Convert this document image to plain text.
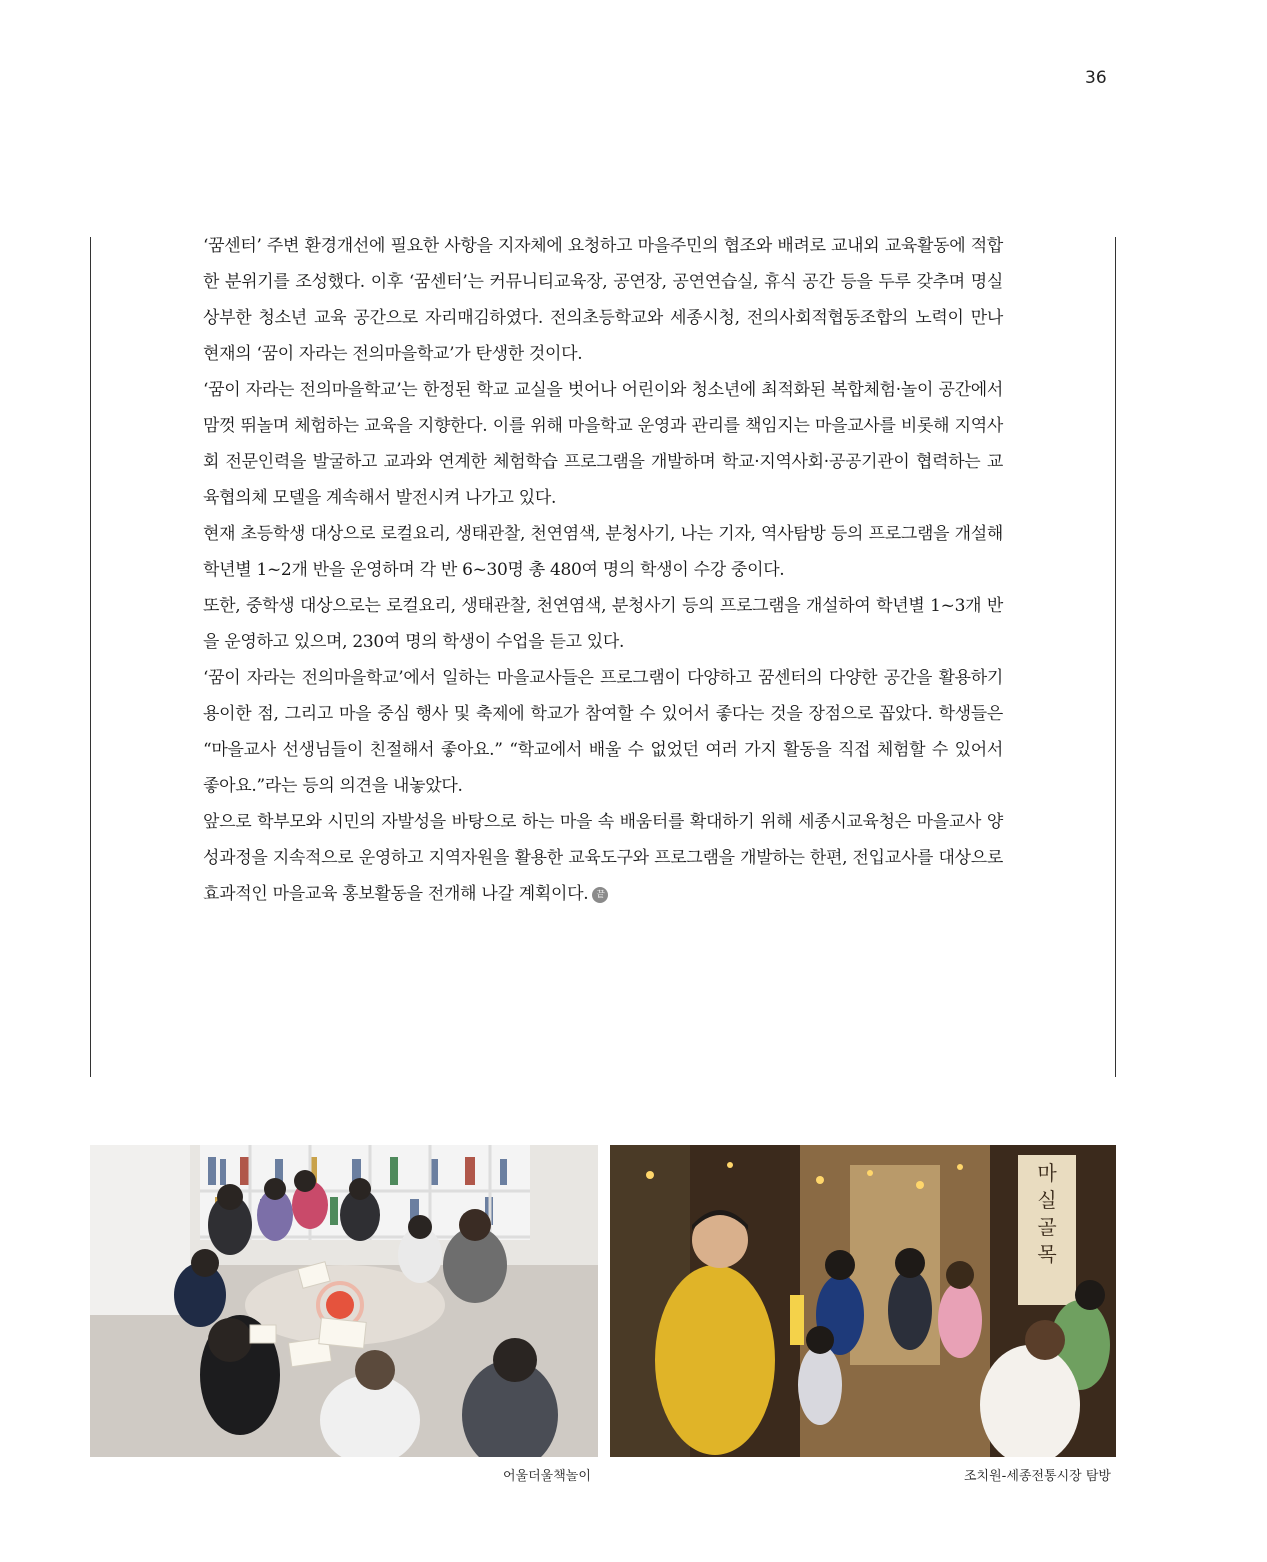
36

‘꿈센터’ 주변 환경개선에 필요한 사항을 지자체에 요청하고 마을주민의 협조와 배려로 교내외 교육활동에 적합한 분위기를 조성했다. 이후 ‘꿈센터’는 커뮤니티교육장, 공연장, 공연연습실, 휴식 공간 등을 두루 갖추며 명실상부한 청소년 교육 공간으로 자리매김하였다. 전의초등학교와 세종시청, 전의사회적협동조합의 노력이 만나 현재의 ‘꿈이 자라는 전의마을학교’가 탄생한 것이다.

‘꿈이 자라는 전의마을학교’는 한정된 학교 교실을 벗어나 어린이와 청소년에 최적화된 복합체험·놀이 공간에서 맘껏 뛰놀며 체험하는 교육을 지향한다. 이를 위해 마을학교 운영과 관리를 책임지는 마을교사를 비롯해 지역사회 전문인력을 발굴하고 교과와 연계한 체험학습 프로그램을 개발하며 학교·지역사회·공공기관이 협력하는 교육협의체 모델을 계속해서 발전시켜 나가고 있다.

현재 초등학생 대상으로 로컬요리, 생태관찰, 천연염색, 분청사기, 나는 기자, 역사탐방 등의 프로그램을 개설해 학년별 1~2개 반을 운영하며 각 반 6~30명 총 480여 명의 학생이 수강 중이다.

또한, 중학생 대상으로는 로컬요리, 생태관찰, 천연염색, 분청사기 등의 프로그램을 개설하여 학년별 1~3개 반을 운영하고 있으며, 230여 명의 학생이 수업을 듣고 있다.

‘꿈이 자라는 전의마을학교’에서 일하는 마을교사들은 프로그램이 다양하고 꿈센터의 다양한 공간을 활용하기 용이한 점, 그리고 마을 중심 행사 및 축제에 학교가 참여할 수 있어서 좋다는 것을 장점으로 꼽았다. 학생들은 “마을교사 선생님들이 친절해서 좋아요.” “학교에서 배울 수 없었던 여러 가지 활동을 직접 체험할 수 있어서 좋아요.”라는 등의 의견을 내놓았다.

앞으로 학부모와 시민의 자발성을 바탕으로 하는 마을 속 배움터를 확대하기 위해 세종시교육청은 마을교사 양성과정을 지속적으로 운영하고 지역자원을 활용한 교육도구와 프로그램을 개발하는 한편, 전입교사를 대상으로 효과적인 마을교육 홍보활동을 전개해 나갈 계획이다. 끝

마
실
골
목
어울더울책놀이	조치원-세종전통시장 탐방
